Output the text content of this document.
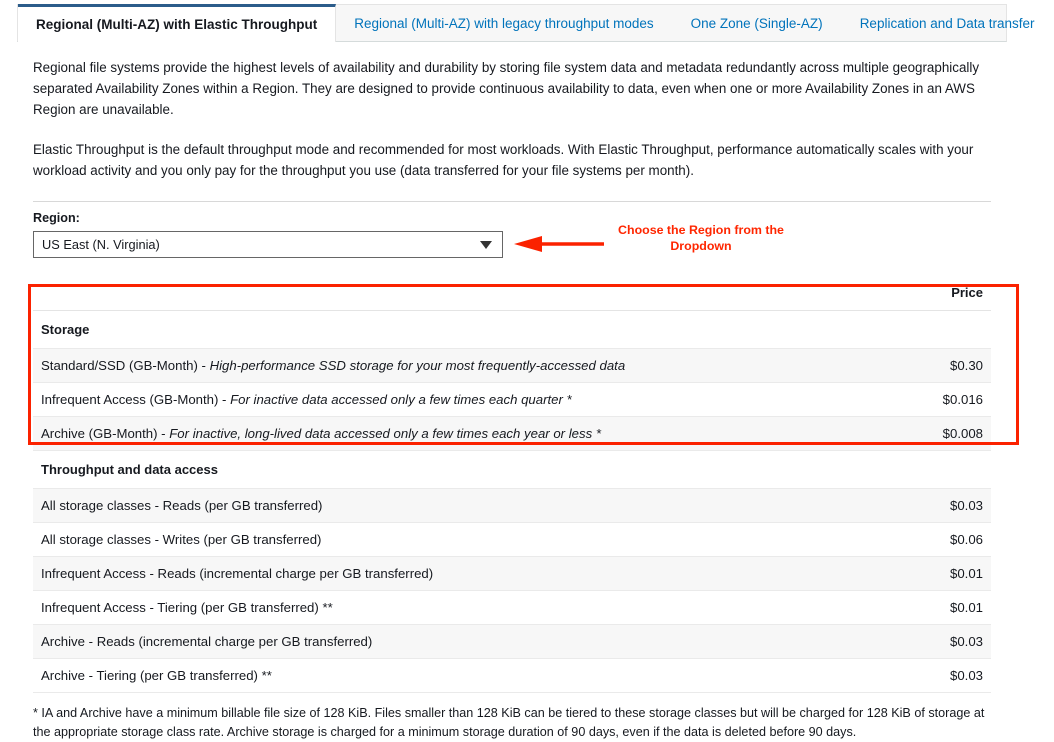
Regional (Multi-AZ) with Elastic Throughput	Regional (Multi-AZ) with legacy throughput modes	One Zone (Single-AZ)	Replication and Data transfer

Regional file systems provide the highest levels of availability and durability by storing file system data and metadata redundantly across multiple geographically separated Availability Zones within a Region. They are designed to provide continuous availability to data, even when one or more Availability Zones in an AWS Region are unavailable.

Elastic Throughput is the default throughput mode and recommended for most workloads. With Elastic Throughput, performance automatically scales with your workload activity and you only pay for the throughput you use (data transferred for your file systems per month).

Region:
US East (N. Virginia)
Choose the Region from the Dropdown
	Price
Storage	
Standard/SSD (GB-Month) - High-performance SSD storage for your most frequently-accessed data	$0.30
Infrequent Access (GB-Month) - For inactive data accessed only a few times each quarter *	$0.016
Archive (GB-Month) - For inactive, long-lived data accessed only a few times each year or less *	$0.008
Throughput and data access	
All storage classes - Reads (per GB transferred)	$0.03
All storage classes - Writes (per GB transferred)	$0.06
Infrequent Access - Reads (incremental charge per GB transferred)	$0.01
Infrequent Access - Tiering (per GB transferred) **	$0.01
Archive - Reads (incremental charge per GB transferred)	$0.03
Archive - Tiering (per GB transferred) **	$0.03

* IA and Archive have a minimum billable file size of 128 KiB. Files smaller than 128 KiB can be tiered to these storage classes but will be charged for 128 KiB of storage at the appropriate storage class rate. Archive storage is charged for a minimum storage duration of 90 days, even if the data is deleted before 90 days.
